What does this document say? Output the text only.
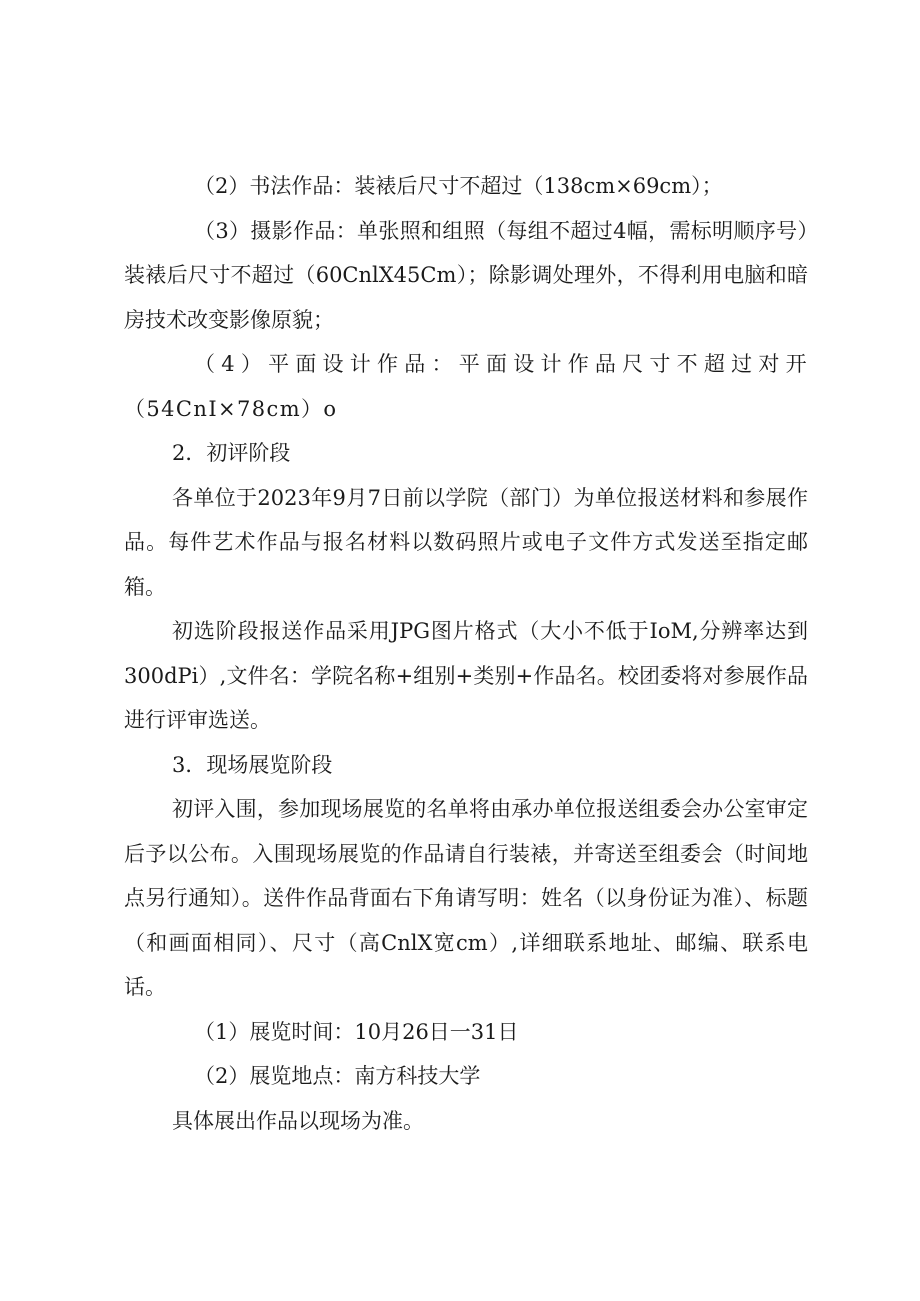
（2）书法作品：装裱后尺寸不超过（138cm×69cm）；

（3）摄影作品：单张照和组照（每组不超过4幅，需标明顺序号）装裱后尺寸不超过（60CnlX45Cm）；除影调处理外，不得利用电脑和暗房技术改变影像原貌；

（4）平面设计作品：平面设计作品尺寸不超过对开（54CnI×78cm）o

2．初评阶段

各单位于2023年9月7日前以学院（部门）为单位报送材料和参展作品。每件艺术作品与报名材料以数码照片或电子文件方式发送至指定邮箱。

初选阶段报送作品采用JPG图片格式（大小不低于IoM,分辨率达到300dPi）,文件名：学院名称+组别+类别+作品名。校团委将对参展作品进行评审选送。

3．现场展览阶段

初评入围，参加现场展览的名单将由承办单位报送组委会办公室审定后予以公布。入围现场展览的作品请自行装裱，并寄送至组委会（时间地点另行通知）。送件作品背面右下角请写明：姓名（以身份证为准）、标题（和画面相同）、尺寸（高CnlX宽cm）,详细联系地址、邮编、联系电话。

（1）展览时间：10月26日一31日

（2）展览地点：南方科技大学

具体展出作品以现场为准。
